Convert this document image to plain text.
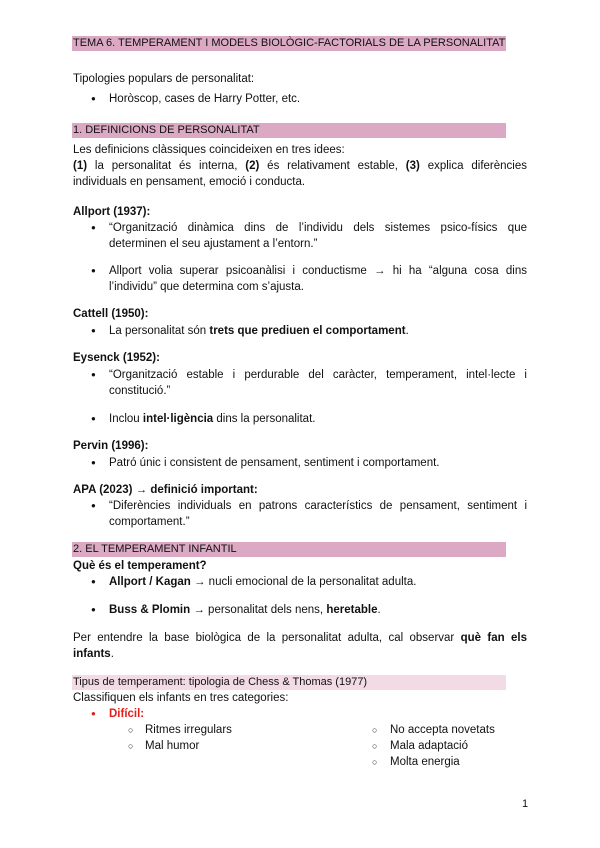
TEMA 6. TEMPERAMENT I MODELS BIOLÒGIC-FACTORIALS DE LA PERSONALITAT
Tipologies populars de personalitat:
● Horòscop, cases de Harry Potter, etc.
1. DEFINICIONS DE PERSONALITAT
Les definicions clàssiques coincideixen en tres idees:
(1) la personalitat és interna, (2) és relativament estable, (3) explica diferències individuals en pensament, emoció i conducta.
Allport (1937):
● “Organització dinàmica dins de l’individu dels sistemes psico-físics que determinen el seu ajustament a l’entorn.”
● Allport volia superar psicoanàlisi i conductisme → hi ha “alguna cosa dins l’individu” que determina com s’ajusta.
Cattell (1950):
● La personalitat són trets que prediuen el comportament.
Eysenck (1952):
● “Organització estable i perdurable del caràcter, temperament, intel·lecte i constitució.”
● Inclou intel·ligència dins la personalitat.
Pervin (1996):
● Patró únic i consistent de pensament, sentiment i comportament.
APA (2023) → definició important:
● “Diferències individuals en patrons característics de pensament, sentiment i comportament.”
2. EL TEMPERAMENT INFANTIL
Què és el temperament?
● Allport / Kagan → nucli emocional de la personalitat adulta.
● Buss & Plomin → personalitat dels nens, heretable.
Per entendre la base biològica de la personalitat adulta, cal observar què fan els infants.
Tipus de temperament: tipologia de Chess & Thomas (1977)
Classifiquen els infants en tres categories:
● Difícil:
○ Ritmes irregulars
○ Mal humor
○ No accepta novetats
○ Mala adaptació
○ Molta energia
1
